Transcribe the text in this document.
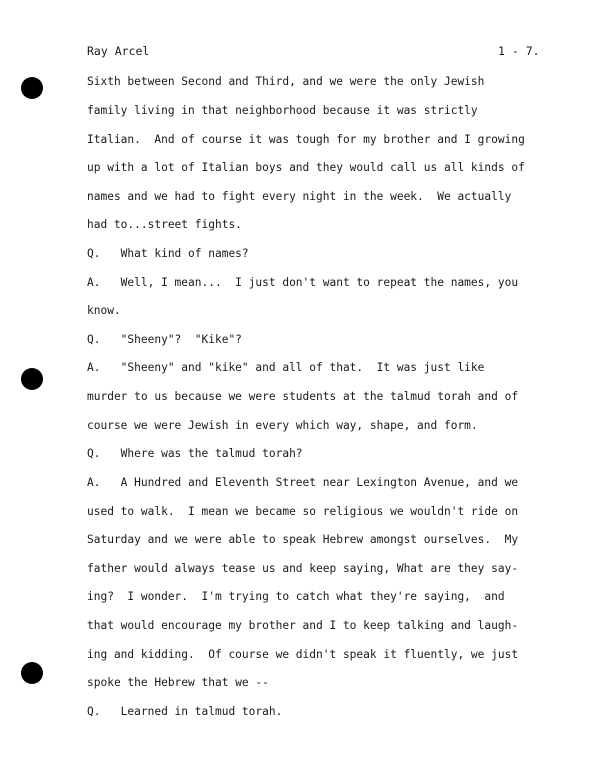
Ray Arcel	1 - 7.
Sixth between Second and Third, and we were the only Jewish
family living in that neighborhood because it was strictly
Italian.  And of course it was tough for my brother and I growing
up with a lot of Italian boys and they would call us all kinds of
names and we had to fight every night in the week.  We actually
had to...street fights.
Q.   What kind of names?
A.   Well, I mean...  I just don't want to repeat the names, you
know.
Q.   "Sheeny"?  "Kike"?
A.   "Sheeny" and "kike" and all of that.  It was just like
murder to us because we were students at the talmud torah and of
course we were Jewish in every which way, shape, and form.
Q.   Where was the talmud torah?
A.   A Hundred and Eleventh Street near Lexington Avenue, and we
used to walk.  I mean we became so religious we wouldn't ride on
Saturday and we were able to speak Hebrew amongst ourselves.  My
father would always tease us and keep saying, What are they say-
ing?  I wonder.  I'm trying to catch what they're saying,  and
that would encourage my brother and I to keep talking and laugh-
ing and kidding.  Of course we didn't speak it fluently, we just
spoke the Hebrew that we --
Q.   Learned in talmud torah.
